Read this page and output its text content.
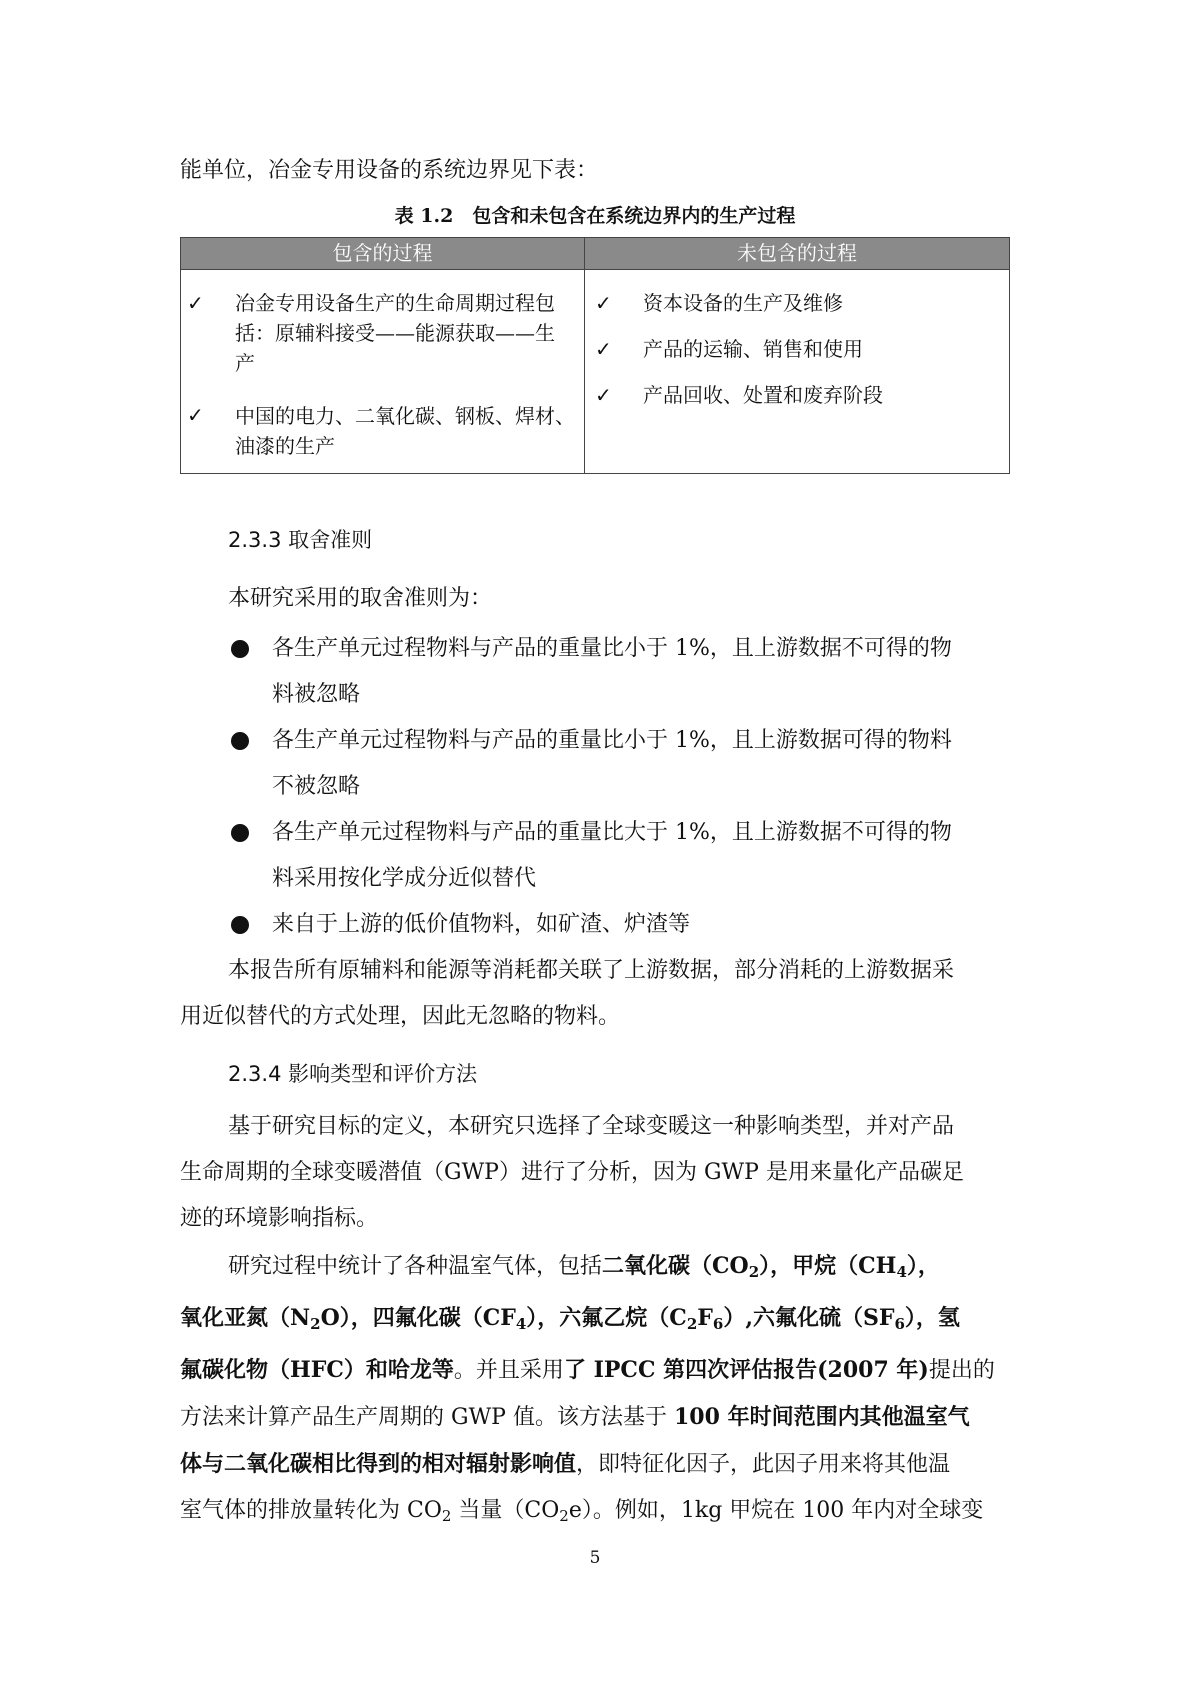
能单位，冶金专用设备的系统边界见下表：
表 1.2　包含和未包含在系统边界内的生产过程
包含的过程	未包含的过程
✓ 冶金专用设备生产的生命周期过程包
括：原辅料接受——能源获取——生
产
✓ 中国的电力、二氧化碳、钢板、焊材、
油漆的生产
✓ 资本设备的生产及维修
✓ 产品的运输、销售和使用
✓ 产品回收、处置和废弃阶段
2.3.3 取舍准则
本研究采用的取舍准则为：
各生产单元过程物料与产品的重量比小于 1%，且上游数据不可得的物
料被忽略
各生产单元过程物料与产品的重量比小于 1%，且上游数据可得的物料
不被忽略
各生产单元过程物料与产品的重量比大于 1%，且上游数据不可得的物
料采用按化学成分近似替代
来自于上游的低价值物料，如矿渣、炉渣等
本报告所有原辅料和能源等消耗都关联了上游数据，部分消耗的上游数据采
用近似替代的方式处理，因此无忽略的物料。
2.3.4 影响类型和评价方法
基于研究目标的定义，本研究只选择了全球变暖这一种影响类型，并对产品
生命周期的全球变暖潜值（GWP）进行了分析，因为 GWP 是用来量化产品碳足
迹的环境影响指标。
研究过程中统计了各种温室气体，包括二氧化碳$(CO_2)$，甲烷$(CH_4)$，
氧化亚氮$(N_2O)$，四氟化碳$(CF_4)$，六氟乙烷$(C_2F_6)$,六氟化硫$(SF_6)$，氢
氟碳化物（HFC）和哈龙等。并且采用了 IPCC 第四次评估报告(2007 年)提出的
方法来计算产品生产周期的 GWP 值。该方法基于 100 年时间范围内其他温室气
体与二氧化碳相比得到的相对辐射影响值，即特征化因子，此因子用来将其他温
室气体的排放量转化为 $CO_2$ 当量$(CO_2e)$。例如，1kg 甲烷在 100 年内对全球变
5
